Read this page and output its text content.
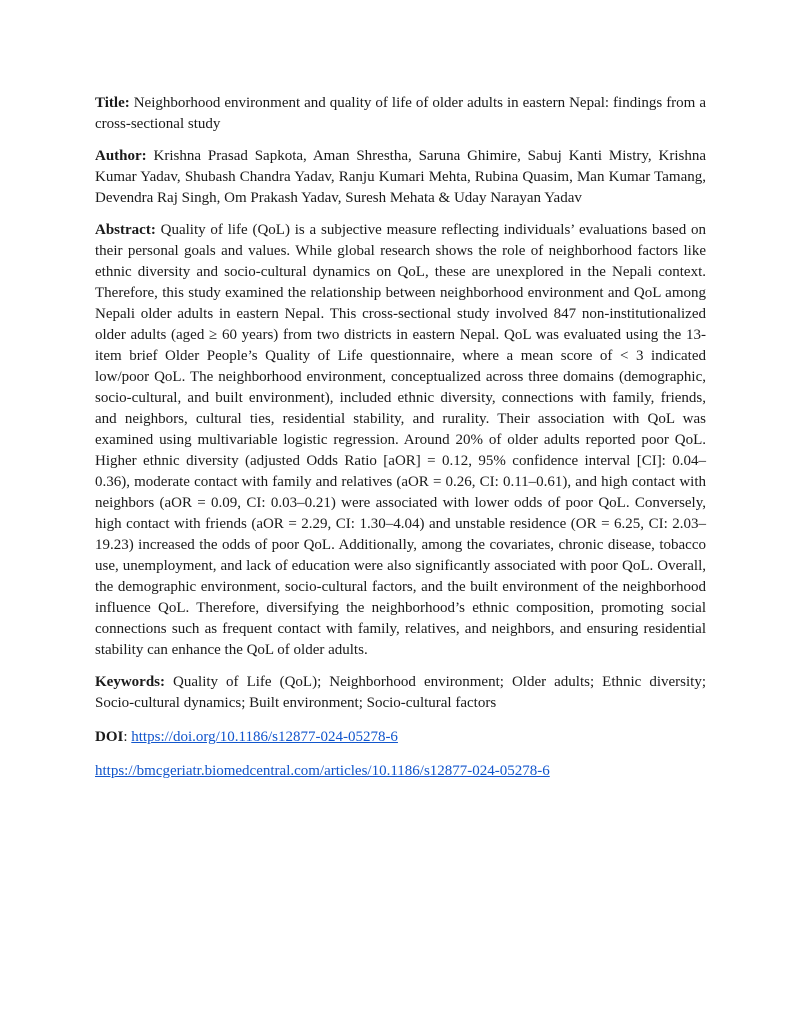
Title: Neighborhood environment and quality of life of older adults in eastern Nepal: findings from a cross-sectional study

Author: Krishna Prasad Sapkota, Aman Shrestha, Saruna Ghimire, Sabuj Kanti Mistry, Krishna Kumar Yadav, Shubash Chandra Yadav, Ranju Kumari Mehta, Rubina Quasim, Man Kumar Tamang, Devendra Raj Singh, Om Prakash Yadav, Suresh Mehata & Uday Narayan Yadav

Abstract: Quality of life (QoL) is a subjective measure reflecting individuals’ evaluations based on their personal goals and values. While global research shows the role of neighborhood factors like ethnic diversity and socio-cultural dynamics on QoL, these are unexplored in the Nepali context. Therefore, this study examined the relationship between neighborhood environment and QoL among Nepali older adults in eastern Nepal. This cross-sectional study involved 847 non-institutionalized older adults (aged ≥ 60 years) from two districts in eastern Nepal. QoL was evaluated using the 13-item brief Older People’s Quality of Life questionnaire, where a mean score of < 3 indicated low/poor QoL. The neighborhood environment, conceptualized across three domains (demographic, socio-cultural, and built environment), included ethnic diversity, connections with family, friends, and neighbors, cultural ties, residential stability, and rurality. Their association with QoL was examined using multivariable logistic regression. Around 20% of older adults reported poor QoL. Higher ethnic diversity (adjusted Odds Ratio [aOR] = 0.12, 95% confidence interval [CI]: 0.04–0.36), moderate contact with family and relatives (aOR = 0.26, CI: 0.11–0.61), and high contact with neighbors (aOR = 0.09, CI: 0.03–0.21) were associated with lower odds of poor QoL. Conversely, high contact with friends (aOR = 2.29, CI: 1.30–4.04) and unstable residence (OR = 6.25, CI: 2.03–19.23) increased the odds of poor QoL. Additionally, among the covariates, chronic disease, tobacco use, unemployment, and lack of education were also significantly associated with poor QoL. Overall, the demographic environment, socio-cultural factors, and the built environment of the neighborhood influence QoL. Therefore, diversifying the neighborhood’s ethnic composition, promoting social connections such as frequent contact with family, relatives, and neighbors, and ensuring residential stability can enhance the QoL of older adults.

Keywords: Quality of Life (QoL); Neighborhood environment; Older adults; Ethnic diversity; Socio-cultural dynamics; Built environment; Socio-cultural factors

DOI: https://doi.org/10.1186/s12877-024-05278-6

https://bmcgeriatr.biomedcentral.com/articles/10.1186/s12877-024-05278-6
